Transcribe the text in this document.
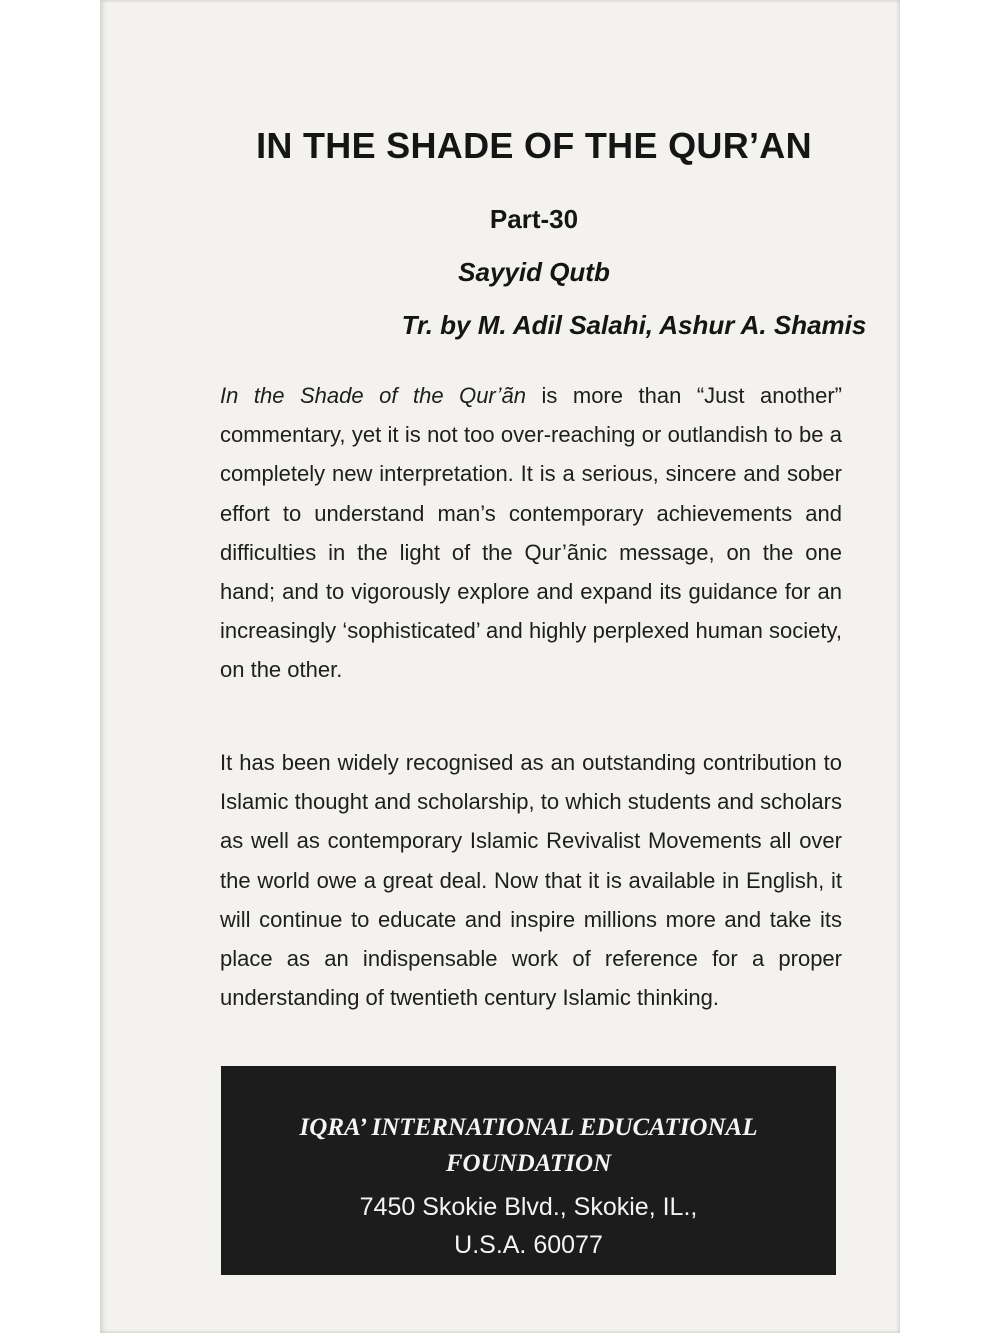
IN THE SHADE OF THE QUR’AN
Part-30
Sayyid Qutb
Tr. by M. Adil Salahi, Ashur A. Shamis

In the Shade of the Qur’ãn is more than “Just another” commentary, yet it is not too over-reaching or outlandish to be a completely new interpretation. It is a serious, sincere and sober effort to understand man’s contemporary achievements and difficulties in the light of the Qur’ãnic message, on the one hand; and to vigorously explore and expand its guidance for an increasingly ‘sophisticated’ and highly perplexed human society, on the other.

It has been widely recognised as an outstanding contribution to Islamic thought and scholarship, to which students and scholars as well as contemporary Islamic Revivalist Movements all over the world owe a great deal. Now that it is available in English, it will continue to educate and inspire millions more and take its place as an indispensable work of reference for a proper understanding of twentieth century Islamic thinking.

IQRA’ INTERNATIONAL EDUCATIONAL
FOUNDATION
7450 Skokie Blvd., Skokie, IL.,
U.S.A. 60077
